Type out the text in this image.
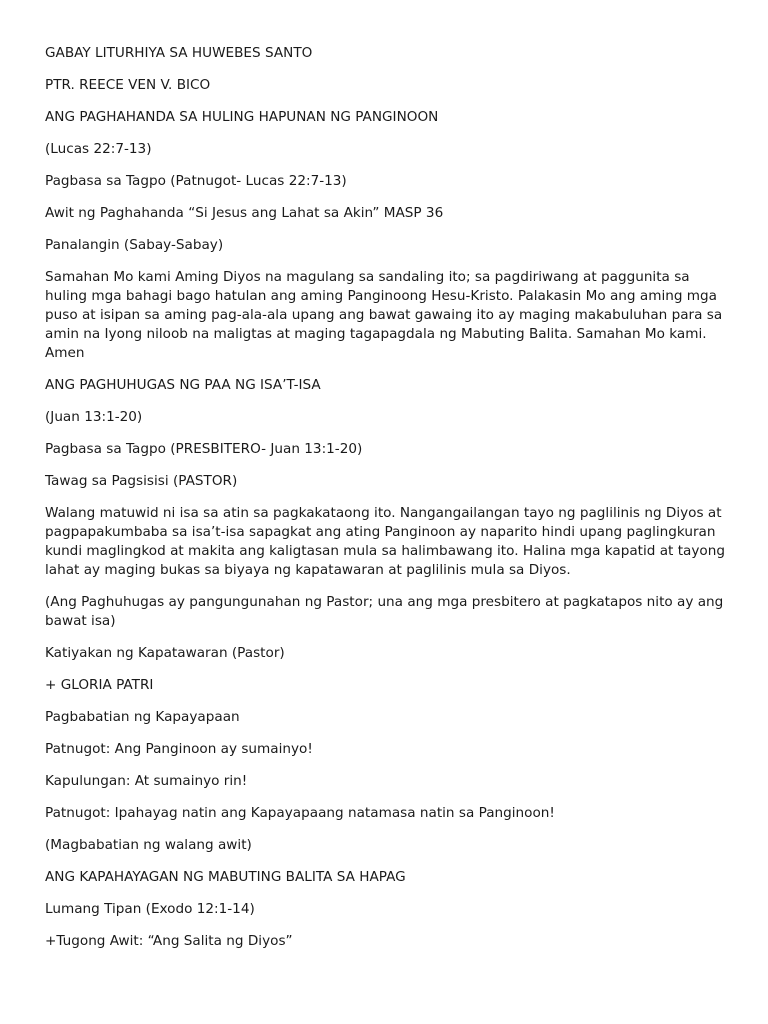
GABAY LITURHIYA SA HUWEBES SANTO

PTR. REECE VEN V. BICO

ANG PAGHAHANDA SA HULING HAPUNAN NG PANGINOON

(Lucas 22:7-13)

Pagbasa sa Tagpo (Patnugot- Lucas 22:7-13)

Awit ng Paghahanda “Si Jesus ang Lahat sa Akin” MASP 36

Panalangin (Sabay-Sabay)

Samahan Mo kami Aming Diyos na magulang sa sandaling ito; sa pagdiriwang at paggunita sa huling mga bahagi bago hatulan ang aming Panginoong Hesu-Kristo. Palakasin Mo ang aming mga puso at isipan sa aming pag-ala-ala upang ang bawat gawaing ito ay maging makabuluhan para sa amin na Iyong niloob na maligtas at maging tagapagdala ng Mabuting Balita. Samahan Mo kami. Amen

ANG PAGHUHUGAS NG PAA NG ISA’T-ISA

(Juan 13:1-20)

Pagbasa sa Tagpo (PRESBITERO- Juan 13:1-20)

Tawag sa Pagsisisi (PASTOR)

Walang matuwid ni isa sa atin sa pagkakataong ito. Nangangailangan tayo ng paglilinis ng Diyos at pagpapakumbaba sa isa’t-isa sapagkat ang ating Panginoon ay naparito hindi upang paglingkuran kundi maglingkod at makita ang kaligtasan mula sa halimbawang ito. Halina mga kapatid at tayong lahat ay maging bukas sa biyaya ng kapatawaran at paglilinis mula sa Diyos.

(Ang Paghuhugas ay pangungunahan ng Pastor; una ang mga presbitero at pagkatapos nito ay ang bawat isa)

Katiyakan ng Kapatawaran (Pastor)

+ GLORIA PATRI

Pagbabatian ng Kapayapaan

Patnugot: Ang Panginoon ay sumainyo!

Kapulungan: At sumainyo rin!

Patnugot: Ipahayag natin ang Kapayapaang natamasa natin sa Panginoon!

(Magbabatian ng walang awit)

ANG KAPAHAYAGAN NG MABUTING BALITA SA HAPAG

Lumang Tipan (Exodo 12:1-14)

+Tugong Awit: “Ang Salita ng Diyos”
